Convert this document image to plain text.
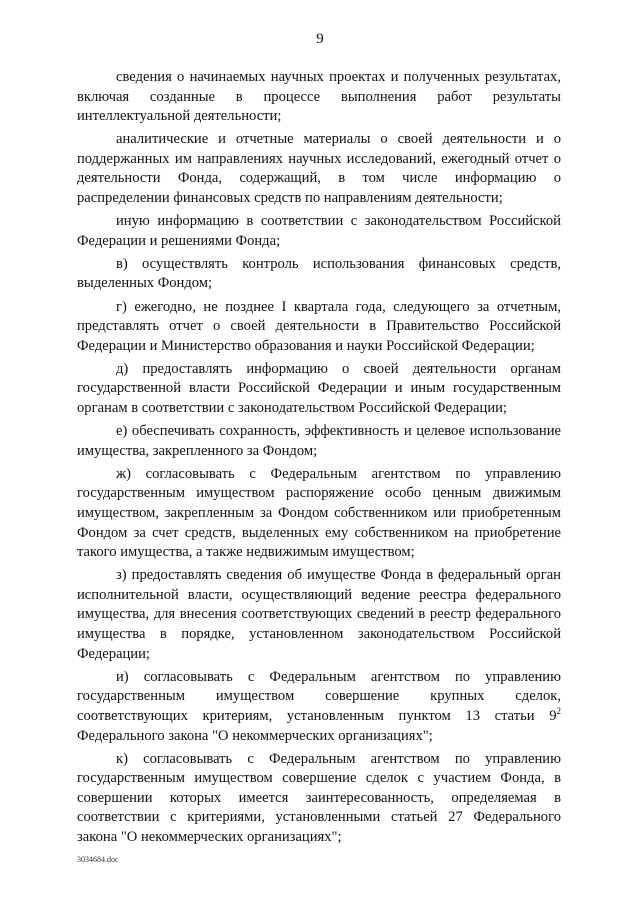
9

сведения о начинаемых научных проектах и полученных результатах, включая созданные в процессе выполнения работ результаты интеллектуальной деятельности;

аналитические и отчетные материалы о своей деятельности и о поддержанных им направлениях научных исследований, ежегодный отчет о деятельности Фонда, содержащий, в том числе информацию о распределении финансовых средств по направлениям деятельности;

иную информацию в соответствии с законодательством Российской Федерации и решениями Фонда;

в) осуществлять контроль использования финансовых средств, выделенных Фондом;

г) ежегодно, не позднее I квартала года, следующего за отчетным, представлять отчет о своей деятельности в Правительство Российской Федерации и Министерство образования и науки Российской Федерации;

д) предоставлять информацию о своей деятельности органам государственной власти Российской Федерации и иным государственным органам в соответствии с законодательством Российской Федерации;

е) обеспечивать сохранность, эффективность и целевое использование имущества, закрепленного за Фондом;

ж) согласовывать с Федеральным агентством по управлению государственным имуществом распоряжение особо ценным движимым имуществом, закрепленным за Фондом собственником или приобретенным Фондом за счет средств, выделенных ему собственником на приобретение такого имущества, а также недвижимым имуществом;

з) предоставлять сведения об имуществе Фонда в федеральный орган исполнительной власти, осуществляющий ведение реестра федерального имущества, для внесения соответствующих сведений в реестр федерального имущества в порядке, установленном законодательством Российской Федерации;

и) согласовывать с Федеральным агентством по управлению государственным имуществом совершение крупных сделок, соответствующих критериям, установленным пунктом 13 статьи $9^2$ Федерального закона "О некоммерческих организациях";

к) согласовывать с Федеральным агентством по управлению государственным имуществом совершение сделок с участием Фонда, в совершении которых имеется заинтересованность, определяемая в соответствии с критериями, установленными статьей 27 Федерального закона "О некоммерческих организациях";

3034684.doc
